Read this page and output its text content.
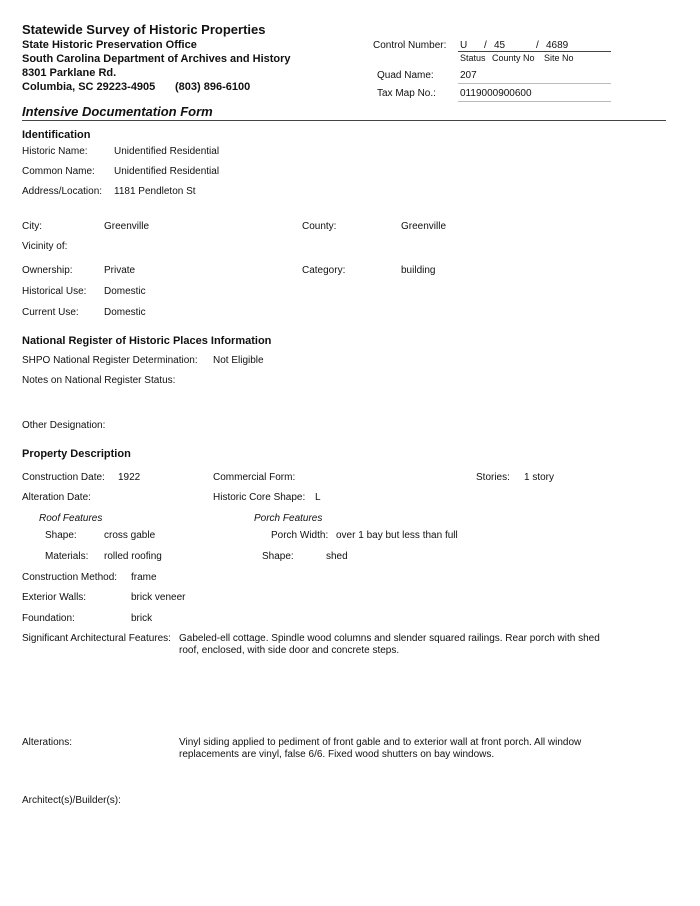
Statewide Survey of Historic Properties
State Historic Preservation Office
South Carolina Department of Archives and History
8301 Parklane Rd.
Columbia, SC 29223-4905 (803) 896-6100
Control Number: U / 45	/ 4689
Status County No Site No
Quad Name:	207
Tax Map No.: 0119000900600
Intensive Documentation Form
Identification
Historic Name:	Unidentified Residential
Common Name: Unidentified Residential
Address/Location: 1181 Pendleton St
City:	Greenville	County:	Greenville
Vicinity of:
Ownership:	Private	Category:	building
Historical Use: Domestic
Current Use:	Domestic
National Register of Historic Places Information
SHPO National Register Determination: Not Eligible
Notes on National Register Status:
Other Designation:
Property Description
Construction Date: 1922	Commercial Form:	Stories: 1 story
Alteration Date:	Historic Core Shape: L
Roof Features	Porch Features
Shape:	cross gable	Porch Width: over 1 bay but less than full
Materials: rolled roofing	Shape:	shed
Construction Method: frame
Exterior Walls:	brick veneer
Foundation:	brick
Significant Architectural Features: Gabeled-ell cottage. Spindle wood columns and slender squared railings. Rear porch with shed roof, enclosed, with side door and concrete steps.
Alterations:	Vinyl siding applied to pediment of front gable and to exterior wall at front porch. All window replacements are vinyl, false 6/6. Fixed wood shutters on bay windows.
Architect(s)/Builder(s):
